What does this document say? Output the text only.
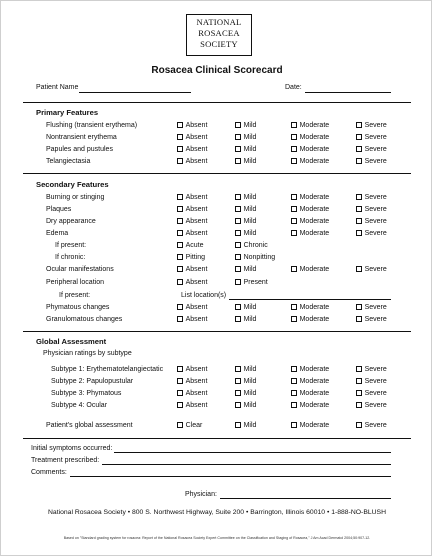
NATIONAL
ROSACEA
SOCIETY
Rosacea Clinical Scorecard
Patient Name	Date:
Primary Features
Flushing (transient erythema)	Absent	Mild	Moderate	Severe
Nontransient erythema	Absent	Mild	Moderate	Severe
Papules and pustules	Absent	Mild	Moderate	Severe
Telangiectasia	Absent	Mild	Moderate	Severe
Secondary Features
Burning or stinging	Absent	Mild	Moderate	Severe
Plaques	Absent	Mild	Moderate	Severe
Dry appearance	Absent	Mild	Moderate	Severe
Edema	Absent	Mild	Moderate	Severe
If present:	Acute	Chronic
If chronic:	Pitting	Nonpitting
Ocular manifestations	Absent	Mild	Moderate	Severe
Peripheral location	Absent	Present
If present:	List location(s)
Phymatous changes	Absent	Mild	Moderate	Severe
Granulomatous changes	Absent	Mild	Moderate	Severe
Global Assessment
Physician ratings by subtype
Subtype 1: Erythematotelangiectatic	Absent	Mild	Moderate	Severe
Subtype 2: Papulopustular	Absent	Mild	Moderate	Severe
Subtype 3: Phymatous	Absent	Mild	Moderate	Severe
Subtype 4: Ocular	Absent	Mild	Moderate	Severe
Patient's global assessment	Clear	Mild	Moderate	Severe
Initial symptoms occurred:
Treatment prescribed:
Comments:
Physician:
National Rosacea Society • 800 S. Northwest Highway, Suite 200 • Barrington, Illinois 60010 • 1-888-NO-BLUSH
Based on "Standard grading system for rosacea: Report of the National Rosacea Society Expert Committee on the Classification and Staging of Rosacea," J Am Acad Dermatol 2004;50:907-12.
